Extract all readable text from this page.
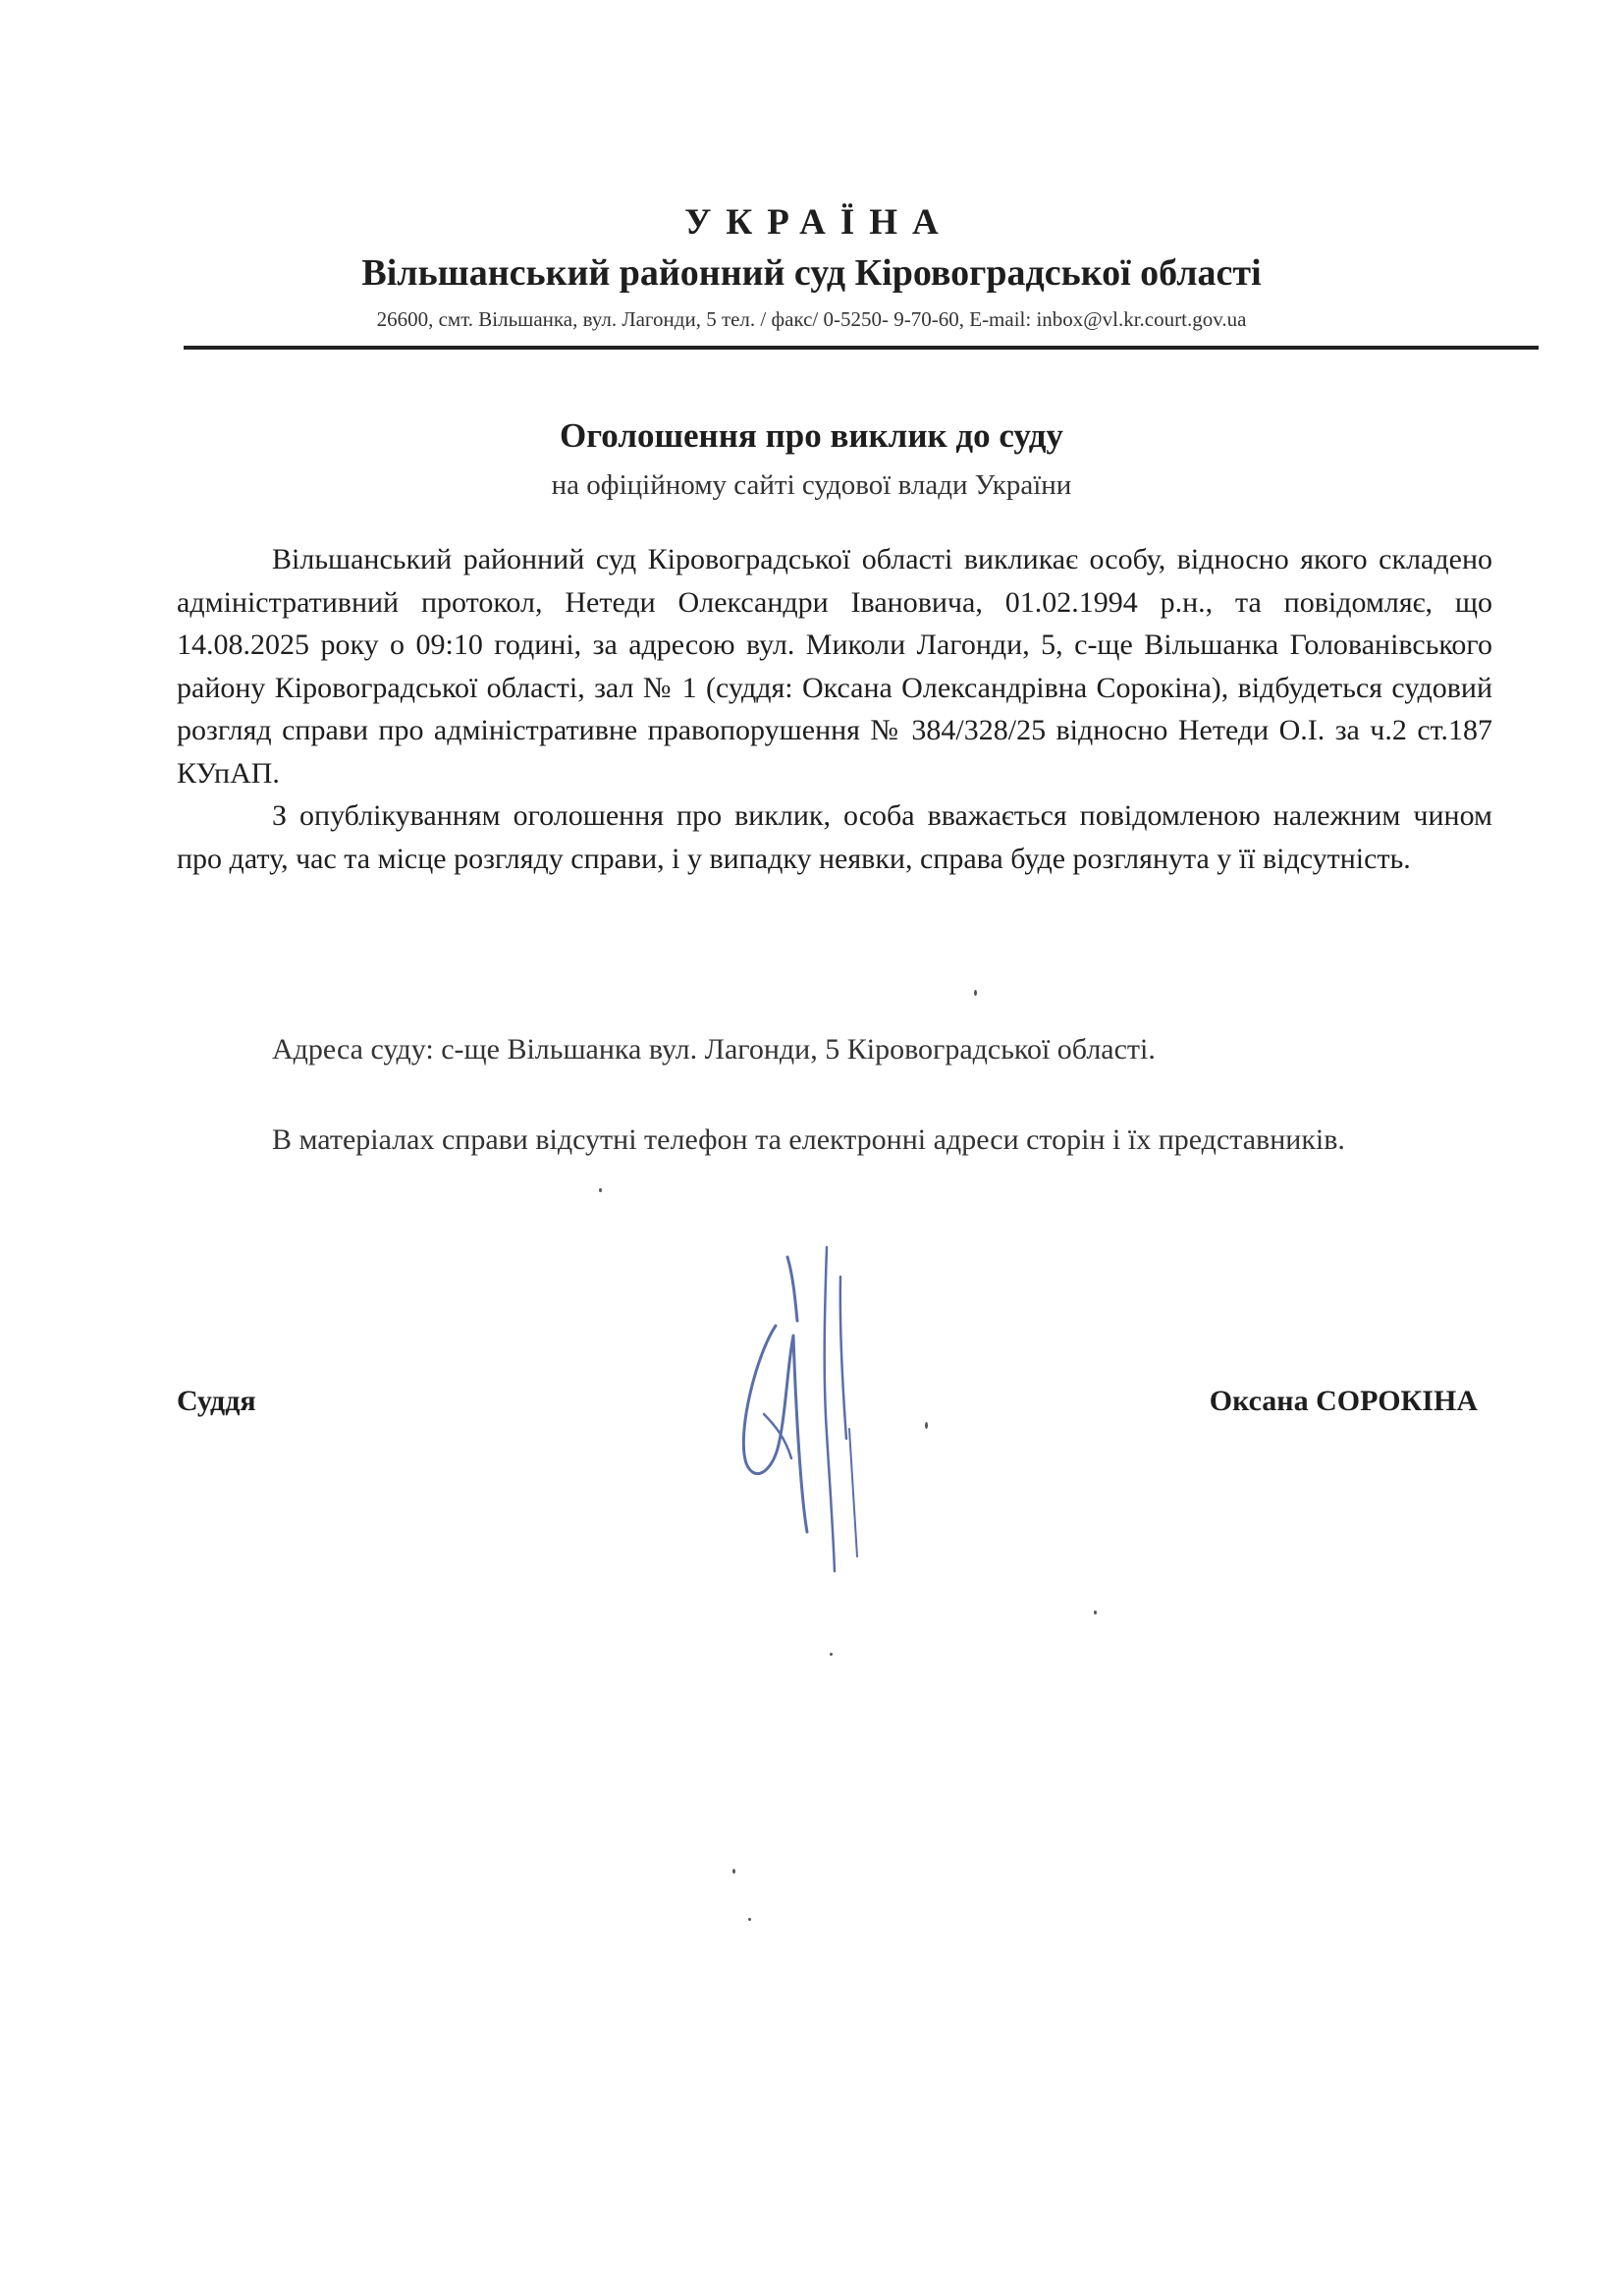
УКРАЇНА
Вільшанський районний суд Кіровоградської області
26600, смт. Вільшанка, вул. Лагонди, 5 тел. / факс/ 0-5250- 9-70-60, E-mail: inbox@vl.kr.court.gov.ua
Оголошення про виклик до суду
на офіційному сайті судової влади України

Вільшанський районний суд Кіровоградської області викликає особу, відносно якого складено адміністративний протокол, Нетеди Олександри Івановича, 01.02.1994 р.н., та повідомляє, що 14.08.2025 року о 09:10 годині, за адресою вул. Миколи Лагонди, 5, с-ще Вільшанка Голованівського району Кіровоградської області, зал № 1 (суддя: Оксана Олександрівна Сорокіна), відбудеться судовий розгляд справи про адміністративне правопорушення № 384/328/25 відносно Нетеди О.І. за ч.2 ст.187 КУпАП.

З опублікуванням оголошення про виклик, особа вважається повідомленою належним чином про дату, час та місце розгляду справи, і у випадку неявки, справа буде розглянута у її відсутність.

Адреса суду: с-ще Вільшанка вул. Лагонди, 5 Кіровоградської області.

В матеріалах справи відсутні телефон та електронні адреси сторін і їх представників.

Суддя	Оксана СОРОКІНА
